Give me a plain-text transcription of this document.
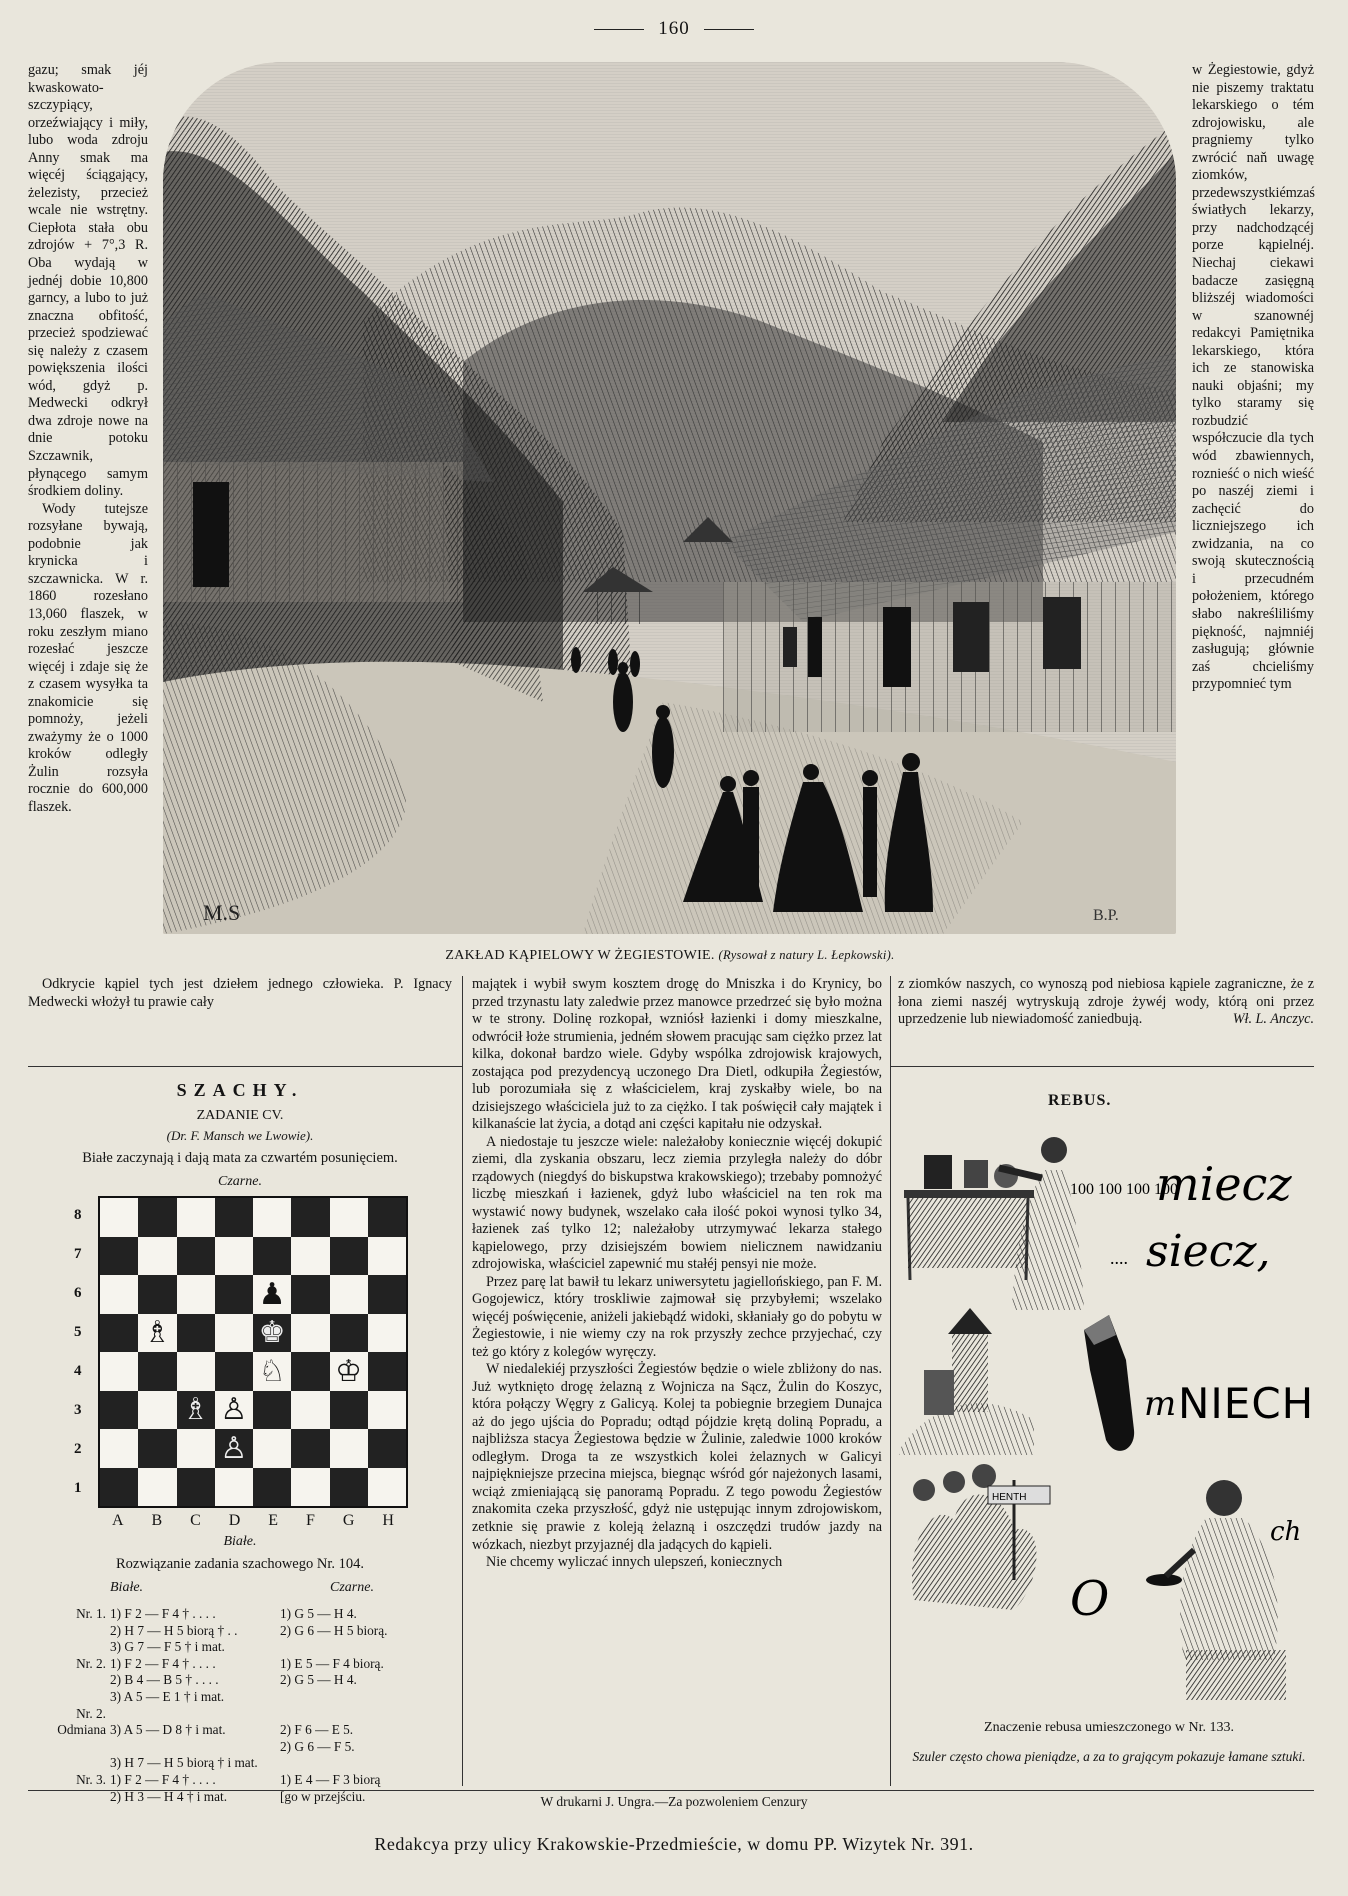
160

gazu; smak jéj kwaskowato-szczypiący, orzeźwiający i miły, lubo woda zdroju Anny smak ma więcéj ściągający, żelezisty, przecież wcale nie wstrętny. Ciepłota stała obu zdrojów + 7°,3 R. Oba wydają w jednéj dobie 10,800 garncy, a lubo to już znaczna obfitość, przecież spodziewać się należy z czasem powiększenia ilości wód, gdyż p. Medwecki odkrył dwa zdroje nowe na dnie potoku Szczawnik, płynącego samym środkiem doliny.

Wody tutejsze rozsyłane bywają, podobnie jak krynicka i szczawnicka. W r. 1860 rozesłano 13,060 flaszek, w roku zeszłym miano rozesłać jeszcze więcéj i zdaje się że z czasem wysyłka ta znakomicie się pomnoży, jeżeli zważymy że o 1000 kroków odległy Żulin rozsyła rocznie do 600,000 flaszek.

M.S	B.P.

w Żegiestowie, gdyż nie piszemy traktatu lekarskiego o tém zdrojowisku, ale pragniemy tylko zwrócić naň uwagę ziomków, przedewszystkiémzaś światłych lekarzy, przy nadchodzącéj porze kąpielnéj. Niechaj ciekawi badacze zasięgną bliższéj wiadomości w szanownéj redakcyi Pamiętnika lekarskiego, która ich ze stanowiska nauki objaśni; my tylko staramy się rozbudzić współczucie dla tych wód zbawiennych, roznieść o nich wieść po naszéj ziemi i zachęcić do liczniejszego ich zwidzania, na co swoją skutecznością i przecudném położeniem, którego słabo nakreśliliśmy piękność, najmniéj zasługują; głównie zaś chcieliśmy przypomnieć tym

ZAKŁAD KĄPIELOWY W ŻEGIESTOWIE. (Rysował z natury L. Łepkowski).

Odkrycie kąpiel tych jest dziełem jednego człowieka. P. Ignacy Medwecki włożył tu prawie cały

majątek i wybił swym kosztem drogę do Mniszka i do Krynicy, bo przed trzynastu laty zaledwie przez manowce przedrzeć się było można w te strony. Dolinę rozkopał, wzniósł łazienki i domy mieszkalne, odwrócił łoże strumienia, jedném słowem pracując sam ciężko przez lat kilka, dokonał bardzo wiele. Gdyby wspólka zdrojowisk krajowych, zostająca pod prezydencyą uczonego Dra Dietl, odkupiła Żegiestów, lub porozumiała się z właścicielem, kraj zyskałby wiele, bo na dzisiejszego właściciela już to za ciężko. I tak poświęcił cały majątek i kilkanaście lat życia, a dotąd ani części kapitału nie odzyskał.

A niedostaje tu jeszcze wiele: należałoby koniecznie więcéj dokupić ziemi, dla zyskania obszaru, lecz ziemia przyległa należy do dóbr rządowych (niegdyś do biskupstwa krakowskiego); trzebaby pomnożyć liczbę mieszkań i łazienek, gdyż lubo właściciel na ten rok ma wystawić nowy budynek, wszelako cała ilość pokoi wynosi tylko 34, łazienek zaś tylko 12; należałoby utrzymywać lekarza stałego kąpielowego, przy dzisiejszém bowiem nielicznem nawidzaniu zdrojowiska, właściciel zapewnić mu stałéj pensyi nie może.

Przez parę lat bawił tu lekarz uniwersytetu jagiellońskiego, pan F. M. Gogojewicz, który troskliwie zajmował się przybyłemi; wszelako więcéj poświęcenie, aniżeli jakiebądź widoki, skłaniały go do pobytu w Żegiestowie, i nie wiemy czy na rok przyszły zechce przyjechać, czy też go który z kolegów wyręczy.

W niedalekiéj przyszłości Żegiestów będzie o wiele zbliżony do nas. Już wytknięto drogę żelazną z Wojnicza na Sącz, Żulin do Koszyc, która połączy Węgry z Galicyą. Kolej ta pobiegnie brzegiem Dunajca aż do jego ujścia do Popradu; odtąd pójdzie krętą doliną Popradu, a najbliższa stacya Żegiestowa będzie w Żulinie, zaledwie 1000 kroków odległym. Droga ta ze wszystkich kolei żelaznych w Galicyi najpiękniejsze przecina miejsca, biegnąc wśród gór najeżonych lasami, wciąż zmieniającą się panoramą Popradu. Z tego powodu Żegiestów znakomita czeka przyszłość, gdyż nie ustępując innym zdrojowiskom, zetknie się prawie z koleją żelazną i oszczędzi trudów jazdy na wózkach, niezbyt przyjaznéj dla jadących do kąpieli.

Nie chcemy wyliczać innych ulepszeń, koniecznych

z ziomków naszych, co wynoszą pod niebiosa kąpiele zagraniczne, że z łona ziemi naszéj wytryskują zdroje żywéj wody, którą oni przez uprzedzenie lub niewiadomość zaniedbują.	Wł. L. Anczyc.

SZACHY.
ZADANIE CV.
(Dr. F. Mansch we Lwowie).
Białe zaczynają i dają mata za czwartém posunięciem.
Czarne.
8
7
6
5
4
3
2
1
♟
♗	♚
♘ ♔
♗ ♙
♙
A B C D E F G H
Białe.
Rozwiązanie zadania szachowego Nr. 104.
Białe.	Czarne.
Nr. 1. 1) F 2 — F 4 † . . . .	1) G 5 — H 4.
2) H 7 — H 5 biorą † . .	2) G 6 — H 5 biorą.
3) G 7 — F 5 † i mat.
Nr. 2. 1) F 2 — F 4 † . . . .	1) E 5 — F 4 biorą.
2) B 4 — B 5 † . . . .	2) G 5 — H 4.
3) A 5 — E 1 † i mat.
Nr. 2.
Odmiana 3) A 5 — D 8 † i mat.	2) F 6 — E 5.
2) G 6 — F 5.
3) H 7 — H 5 biorą † i mat.
Nr. 3. 1) F 2 — F 4 † . . . .	1) E 4 — F 3 biorą
2) H 3 — H 4 † i mat.	[go w przejściu.
REBUS.
100 100 100 100
miecz
.... siecz,
m NIECH
HENTH
O
ch
Znaczenie rebusa umieszczonego w Nr. 133.
Szuler często chowa pieniądze, a za to grającym pokazuje łamane sztuki.
W drukarni J. Ungra.—Za pozwoleniem Cenzury
Redakcya przy ulicy Krakowskie-Przedmieście, w domu PP. Wizytek Nr. 391.
